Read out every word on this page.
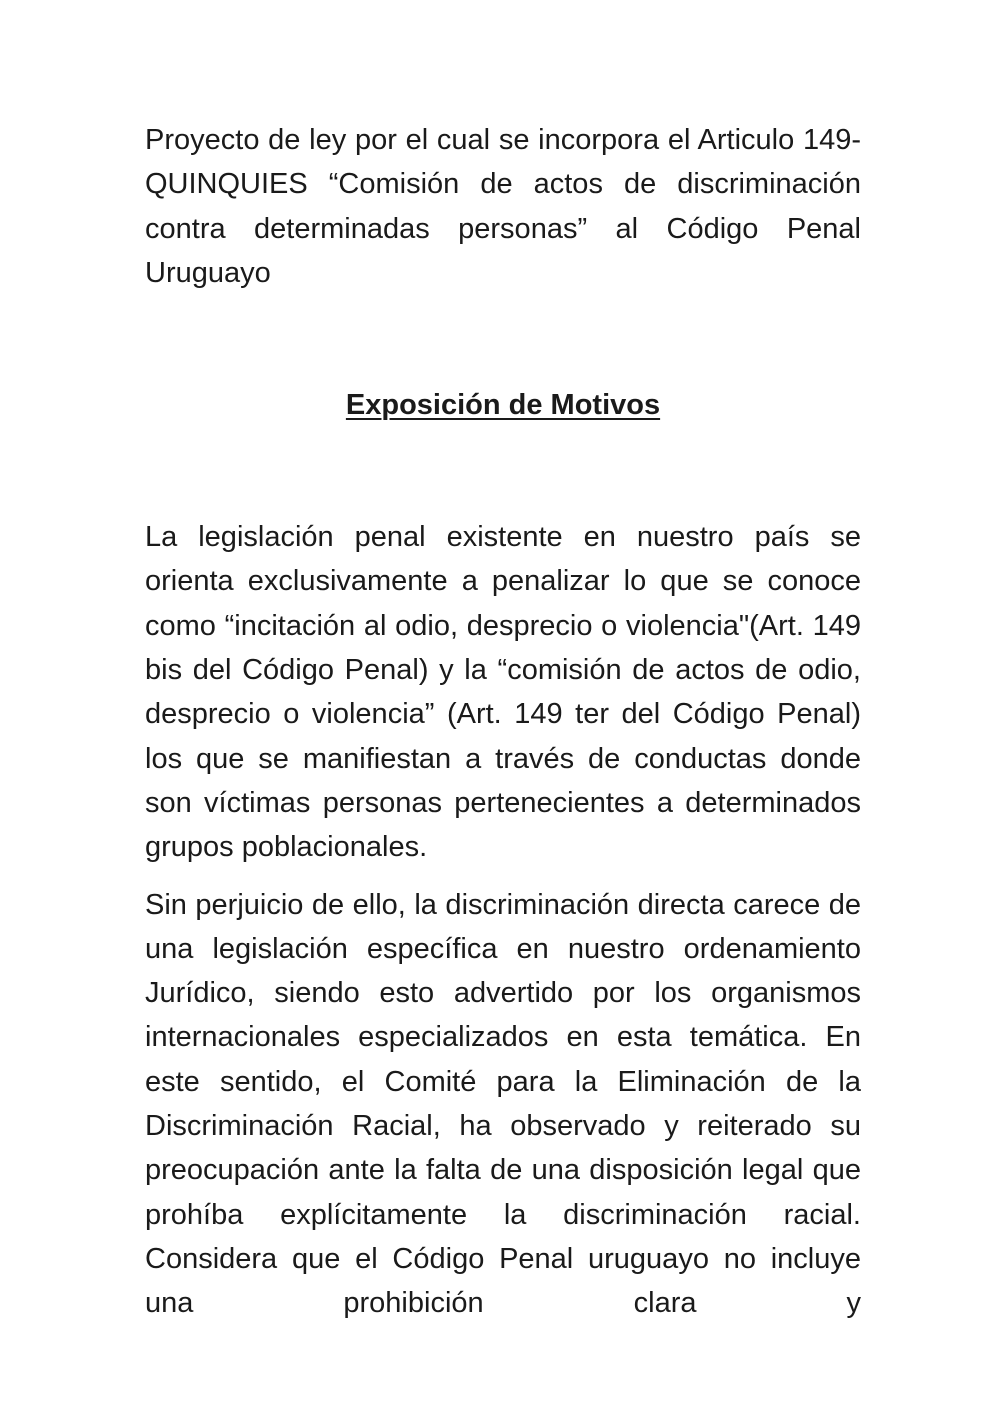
Proyecto de ley por el cual se incorpora el Articulo 149-QUINQUIES “Comisión de actos de discriminación contra determinadas personas” al Código Penal Uruguayo

Exposición de Motivos

La legislación penal existente en nuestro país se orienta exclusivamente a penalizar lo que se conoce como “incitación al odio, desprecio o violencia"(Art. 149 bis del Código Penal) y la “comisión de actos de odio, desprecio o violencia” (Art. 149 ter del Código Penal) los que se manifiestan a través de conductas donde son víctimas personas pertenecientes a determinados grupos poblacionales.

Sin perjuicio de ello, la discriminación directa carece de una legislación específica en nuestro ordenamiento Jurídico, siendo esto advertido por los organismos internacionales especializados en esta temática. En este sentido, el Comité para la Eliminación de la Discriminación Racial, ha observado y reiterado su preocupación ante la falta de una disposición legal que prohíba explícitamente la discriminación racial. Considera que el Código Penal uruguayo no incluye una prohibición clara y
